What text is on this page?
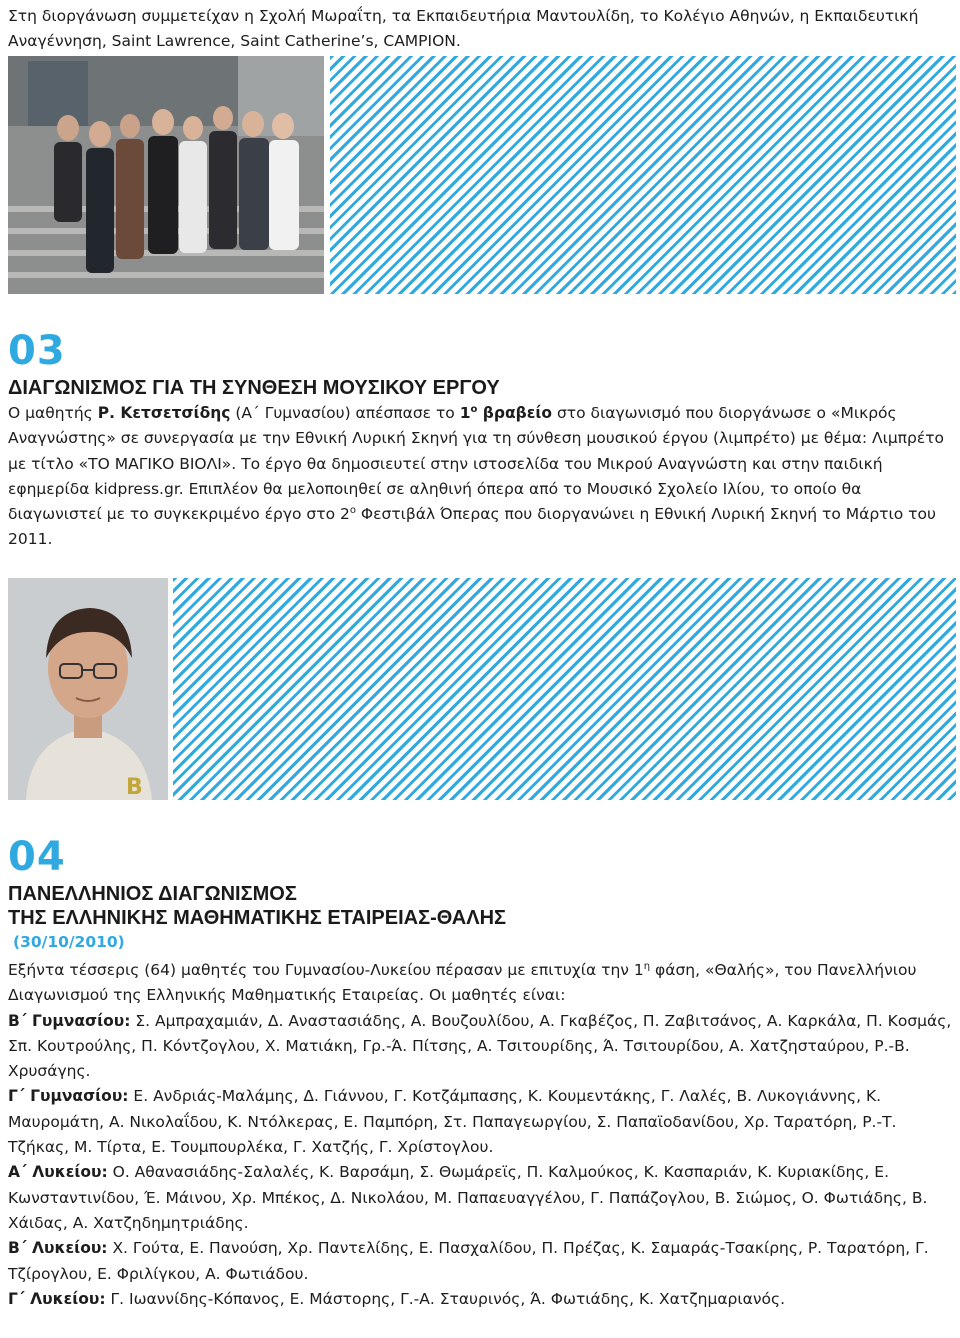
Στη διοργάνωση συμμετείχαν η Σχολή Μωραΐτη, τα Εκπαιδευτήρια Μαντουλίδη, το Κολέγιο Αθηνών, η Εκπαιδευτική Αναγέννηση, Saint Lawrence, Saint Catherine’s, CAMPION.

03
ΔΙΑΓΩΝΙΣΜΟΣ ΓΙΑ ΤΗ ΣΥΝΘΕΣΗ ΜΟΥΣΙΚΟΥ ΕΡΓΟΥ

Ο μαθητής Ρ. Κετσετσίδης (Α΄ Γυμνασίου) απέσπασε το $1^o$ βραβείο στο διαγωνισμό που διοργάνωσε ο «Μικρός Αναγνώστης» σε συνεργασία με την Εθνική Λυρική Σκηνή για τη σύνθεση μουσικού έργου (λιμπρέτο) με θέμα: Λιμπρέτο με τίτλο «ΤΟ ΜΑΓΙΚΟ ΒΙΟΛΙ». Το έργο θα δημοσιευτεί στην ιστοσελίδα του Μικρού Αναγνώστη και στην παιδική εφημερίδα kidpress.gr. Επιπλέον θα μελοποιηθεί σε αληθινή όπερα από το Μουσικό Σχολείο Ιλίου, το οποίο θα διαγωνιστεί με το συγκεκριμένο έργο στο $2^o$ Φεστιβάλ Όπερας που διοργανώνει η Εθνική Λυρική Σκηνή το Μάρτιο του 2011.

B
04
ΠΑΝΕΛΛΗΝΙΟΣ ΔΙΑΓΩΝΙΣΜΟΣ
ΤΗΣ ΕΛΛΗΝΙΚΗΣ ΜΑΘΗΜΑΤΙΚΗΣ ΕΤΑΙΡΕΙΑΣ-ΘΑΛΗΣ
(30/10/2010)

Εξήντα τέσσερις (64) μαθητές του Γυμνασίου-Λυκείου πέρασαν με επιτυχία την $1^\eta$ φάση, «Θαλής», του Πανελλήνιου Διαγωνισμού της Ελληνικής Μαθηματικής Εταιρείας. Οι μαθητές είναι:

Β΄ Γυμνασίου: Σ. Αμπραχαμιάν, Δ. Αναστασιάδης, Α. Βουζουλίδου, Α. Γκαβέζος, Π. Ζαβιτσάνος, Α. Καρκάλα, Π. Κοσμάς, Σπ. Κουτρούλης, Π. Κόντζογλου, Χ. Ματιάκη, Γρ.-Ά. Πίτσης, Α. Τσιτουρίδης, Ά. Τσιτουρίδου, Α. Χατζησταύρου, Ρ.-Β. Χρυσάγης.

Γ΄ Γυμνασίου: Ε. Ανδριάς-Μαλάμης, Δ. Γιάννου, Γ. Κοτζάμπασης, Κ. Κουμεντάκης, Γ. Λαλές, Β. Λυκογιάννης, Κ. Μαυρομάτη, Α. Νικολαΐδου, Κ. Ντόλκερας, Ε. Παμπόρη, Στ. Παπαγεωργίου, Σ. Παπαϊοδανίδου, Χρ. Ταρατόρη, Ρ.-Τ. Τζήκας, Μ. Τίρτα, Ε. Τουμπουρλέκα, Γ. Χατζής, Γ. Χρίστογλου.

Α΄ Λυκείου: Ο. Αθανασιάδης-Σαλαλές, Κ. Βαρσάμη, Σ. Θωμάρεϊς, Π. Καλμούκος, Κ. Κασπαριάν, Κ. Κυριακίδης, Ε. Κωνσταντινίδου, Έ. Μάινου, Χρ. Μπέκος, Δ. Νικολάου, Μ. Παπαευαγγέλου, Γ. Παπάζογλου, Β. Σιώμος, Ο. Φωτιάδης, Β. Χάιδας, Α. Χατζηδημητριάδης.

Β΄ Λυκείου: Χ. Γούτα, Ε. Πανούση, Χρ. Παντελίδης, Ε. Πασχαλίδου, Π. Πρέζας, Κ. Σαμαράς-Τσακίρης, Ρ. Ταρατόρη, Γ. Τζίρογλου, Ε. Φριλίγκου, Α. Φωτιάδου.

Γ΄ Λυκείου: Γ. Ιωαννίδης-Κόπανος, Ε. Μάστορης, Γ.-Α. Σταυρινός, Ά. Φωτιάδης, Κ. Χατζημαριανός.
